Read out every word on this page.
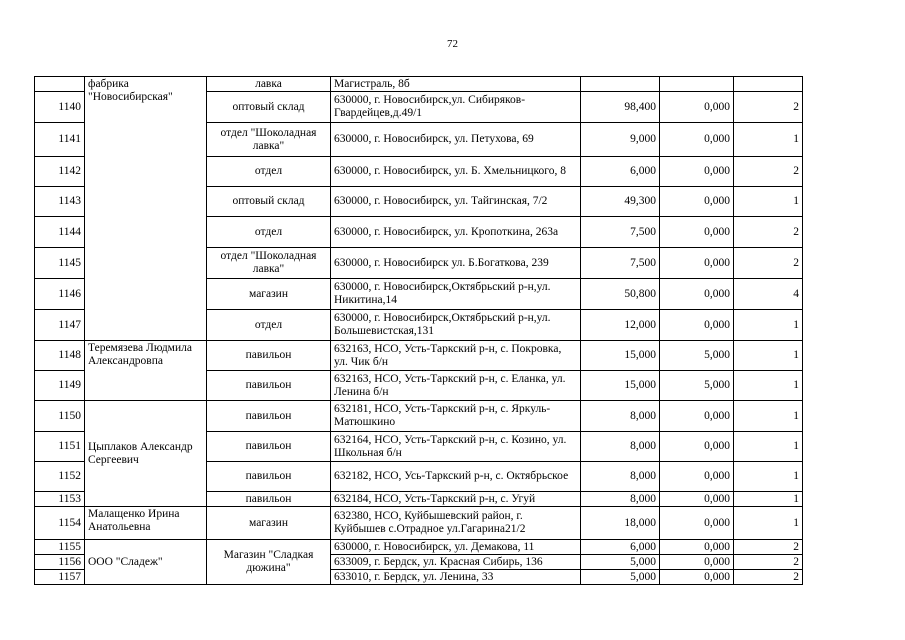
72
	фабрика "Новосибирская"	лавка	Магистраль, 8б			
1140		оптовый склад	630000, г. Новосибирск,ул. Сибиряков-Гвардейцев,д.49/1	98,400	0,000	2
1141		отдел "Шоколадная лавка"	630000, г. Новосибирск, ул. Петухова, 69	9,000	0,000	1
1142		отдел	630000, г. Новосибирск, ул. Б. Хмельницкого, 8	6,000	0,000	2
1143		оптовый склад	630000, г. Новосибирск, ул. Тайгинская, 7/2	49,300	0,000	1
1144		отдел	630000, г. Новосибирск, ул. Кропоткина, 263а	7,500	0,000	2
1145		отдел "Шоколадная лавка"	630000, г. Новосибирск ул. Б.Богаткова, 239	7,500	0,000	2
1146		магазин	630000, г. Новосибирск,Октябрьский р-н,ул. Никитина,14	50,800	0,000	4
1147		отдел	630000, г. Новосибирск,Октябрьский р-н,ул. Большевистская,131	12,000	0,000	1
1148	Теремязева Людмила Александровпа	павильон	632163, НСО, Усть-Таркский р-н, с. Покровка, ул. Чик б/н	15,000	5,000	1
1149		павильон	632163, НСО, Усть-Таркский р-н, с. Еланка, ул. Ленина б/н	15,000	5,000	1
1150	Цыплаков Александр Сергеевич	павильон	632181, НСО, Усть-Таркский р-н, с. Яркуль-Матюшкино	8,000	0,000	1
1151		павильон	632164, НСО, Усть-Таркский р-н, с. Козино, ул. Школьная б/н	8,000	0,000	1
1152		павильон	632182, НСО, Усь-Таркский р-н, с. Октябрьское	8,000	0,000	1
1153		павильон	632184, НСО, Усть-Таркский р-н, с. Угуй	8,000	0,000	1
1154	Малащенко Ирина Анатольевна	магазин	632380, НСО, Куйбышевский район, г. Куйбышев с.Отрадное ул.Гагарина21/2	18,000	0,000	1
1155	ООО "Сладеж"	Магазин "Сладкая дюжина"	630000, г. Новосибирск, ул. Демакова, 11	6,000	0,000	2
1156			633009, г. Бердск, ул. Красная Сибирь, 136	5,000	0,000	2
1157			633010, г. Бердск, ул. Ленина, 33	5,000	0,000	2
